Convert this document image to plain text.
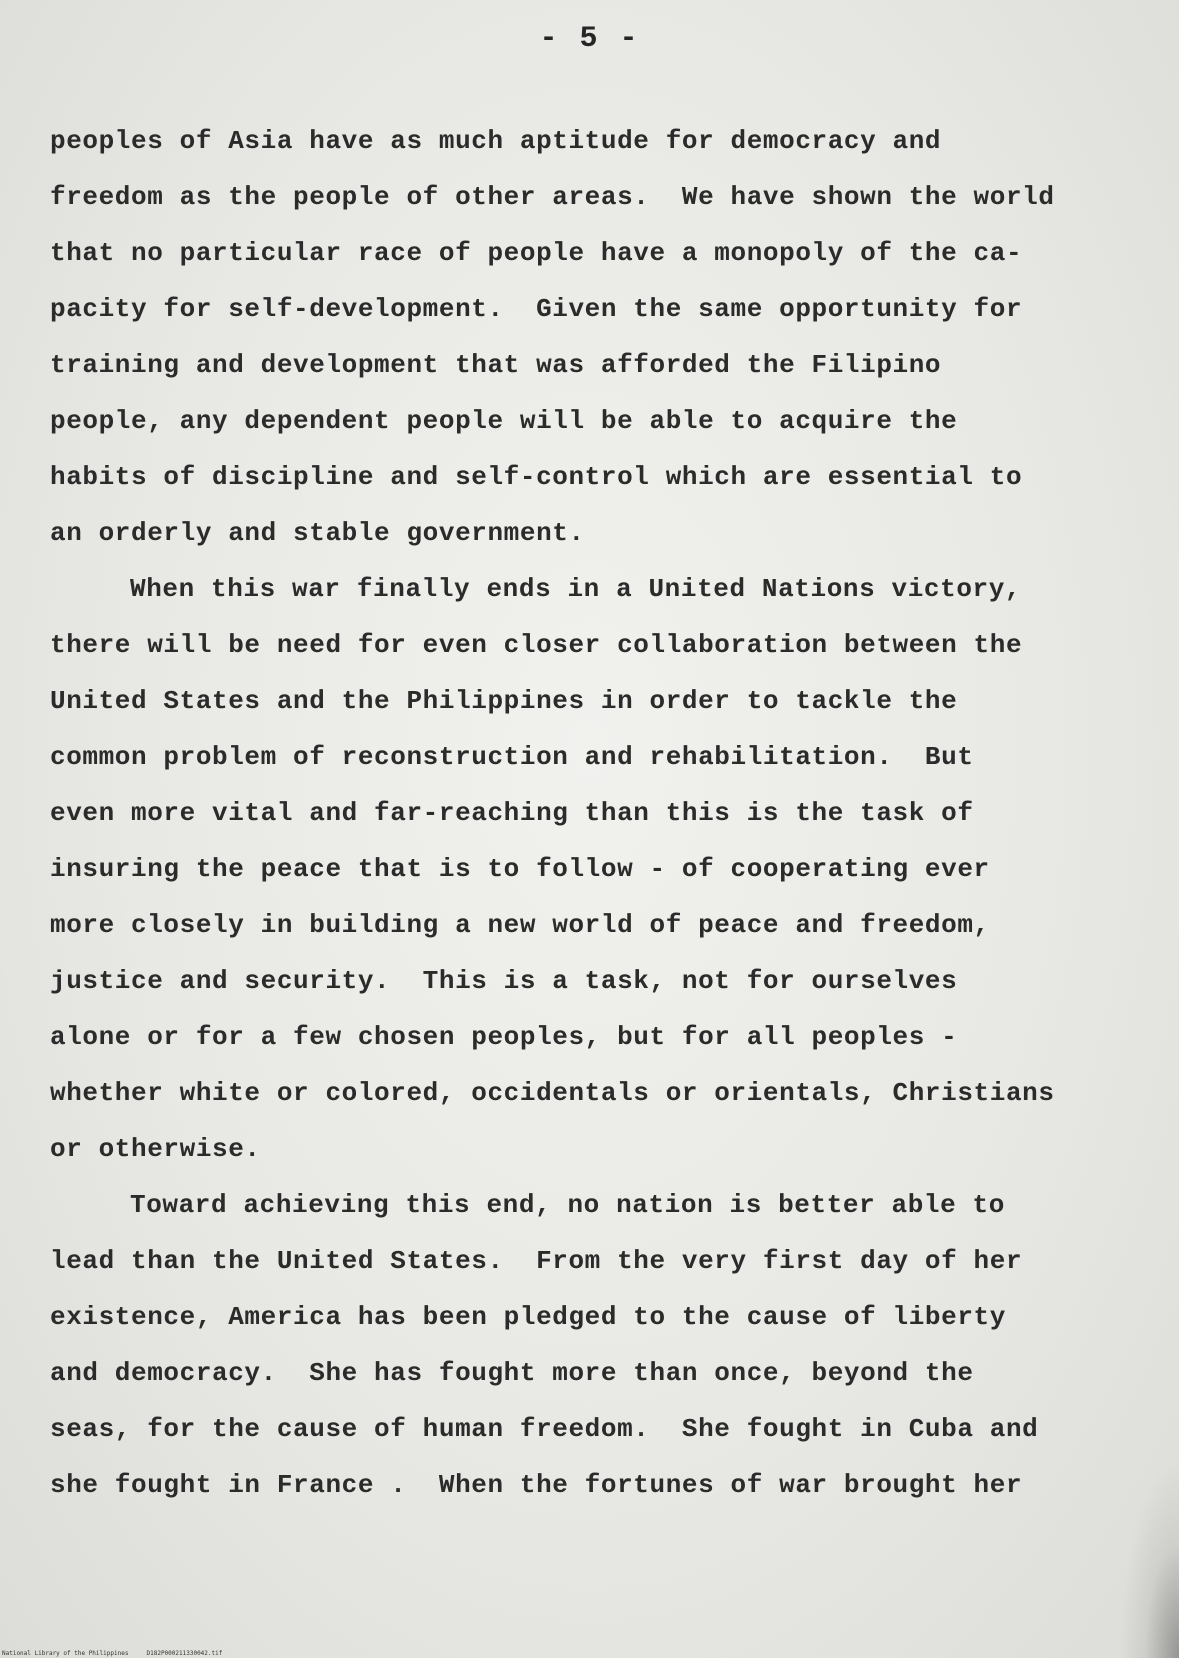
- 5 -
peoples of Asia have as much aptitude for democracy and
freedom as the people of other areas.  We have shown the world
that no particular race of people have a monopoly of the ca-
pacity for self-development.  Given the same opportunity for
training and development that was afforded the Filipino
people, any dependent people will be able to acquire the
habits of discipline and self-control which are essential to
an orderly and stable government.
When this war finally ends in a United Nations victory,
there will be need for even closer collaboration between the
United States and the Philippines in order to tackle the
common problem of reconstruction and rehabilitation.  But
even more vital and far-reaching than this is the task of
insuring the peace that is to follow - of cooperating ever
more closely in building a new world of peace and freedom,
justice and security.  This is a task, not for ourselves
alone or for a few chosen peoples, but for all peoples -
whether white or colored, occidentals or orientals, Christians
or otherwise.
Toward achieving this end, no nation is better able to
lead than the United States.  From the very first day of her
existence, America has been pledged to the cause of liberty
and democracy.  She has fought more than once, beyond the
seas, for the cause of human freedom.  She fought in Cuba and
she fought in France .  When the fortunes of war brought her
National Library of the Philippines     D182P000211330042.tif
